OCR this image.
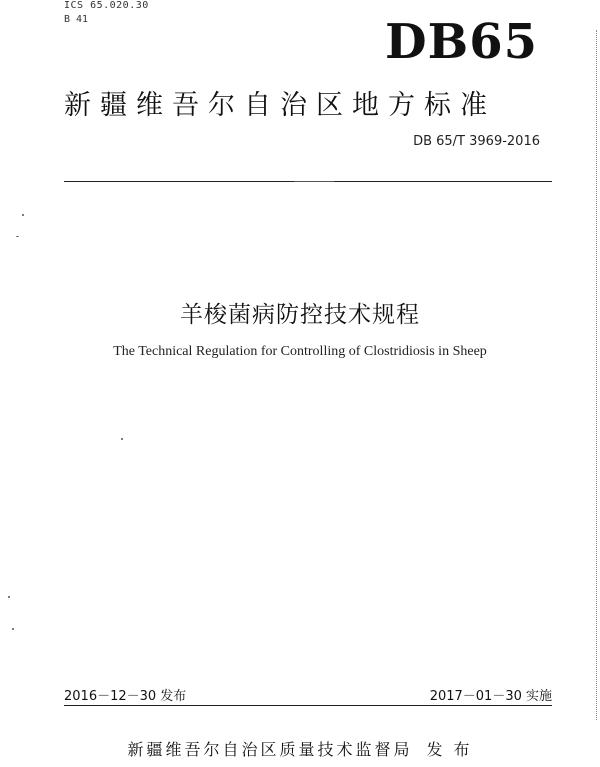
ICS 65.020.30
B 41	DB65
新疆维吾尔自治区地方标准
DB 65/T 3969-2016
羊梭菌病防控技术规程
The Technical Regulation for Controlling of Clostridiosis in Sheep
2016－12－30 发布	2017－01－30 实施
新疆维吾尔自治区质量技术监督局 发 布
